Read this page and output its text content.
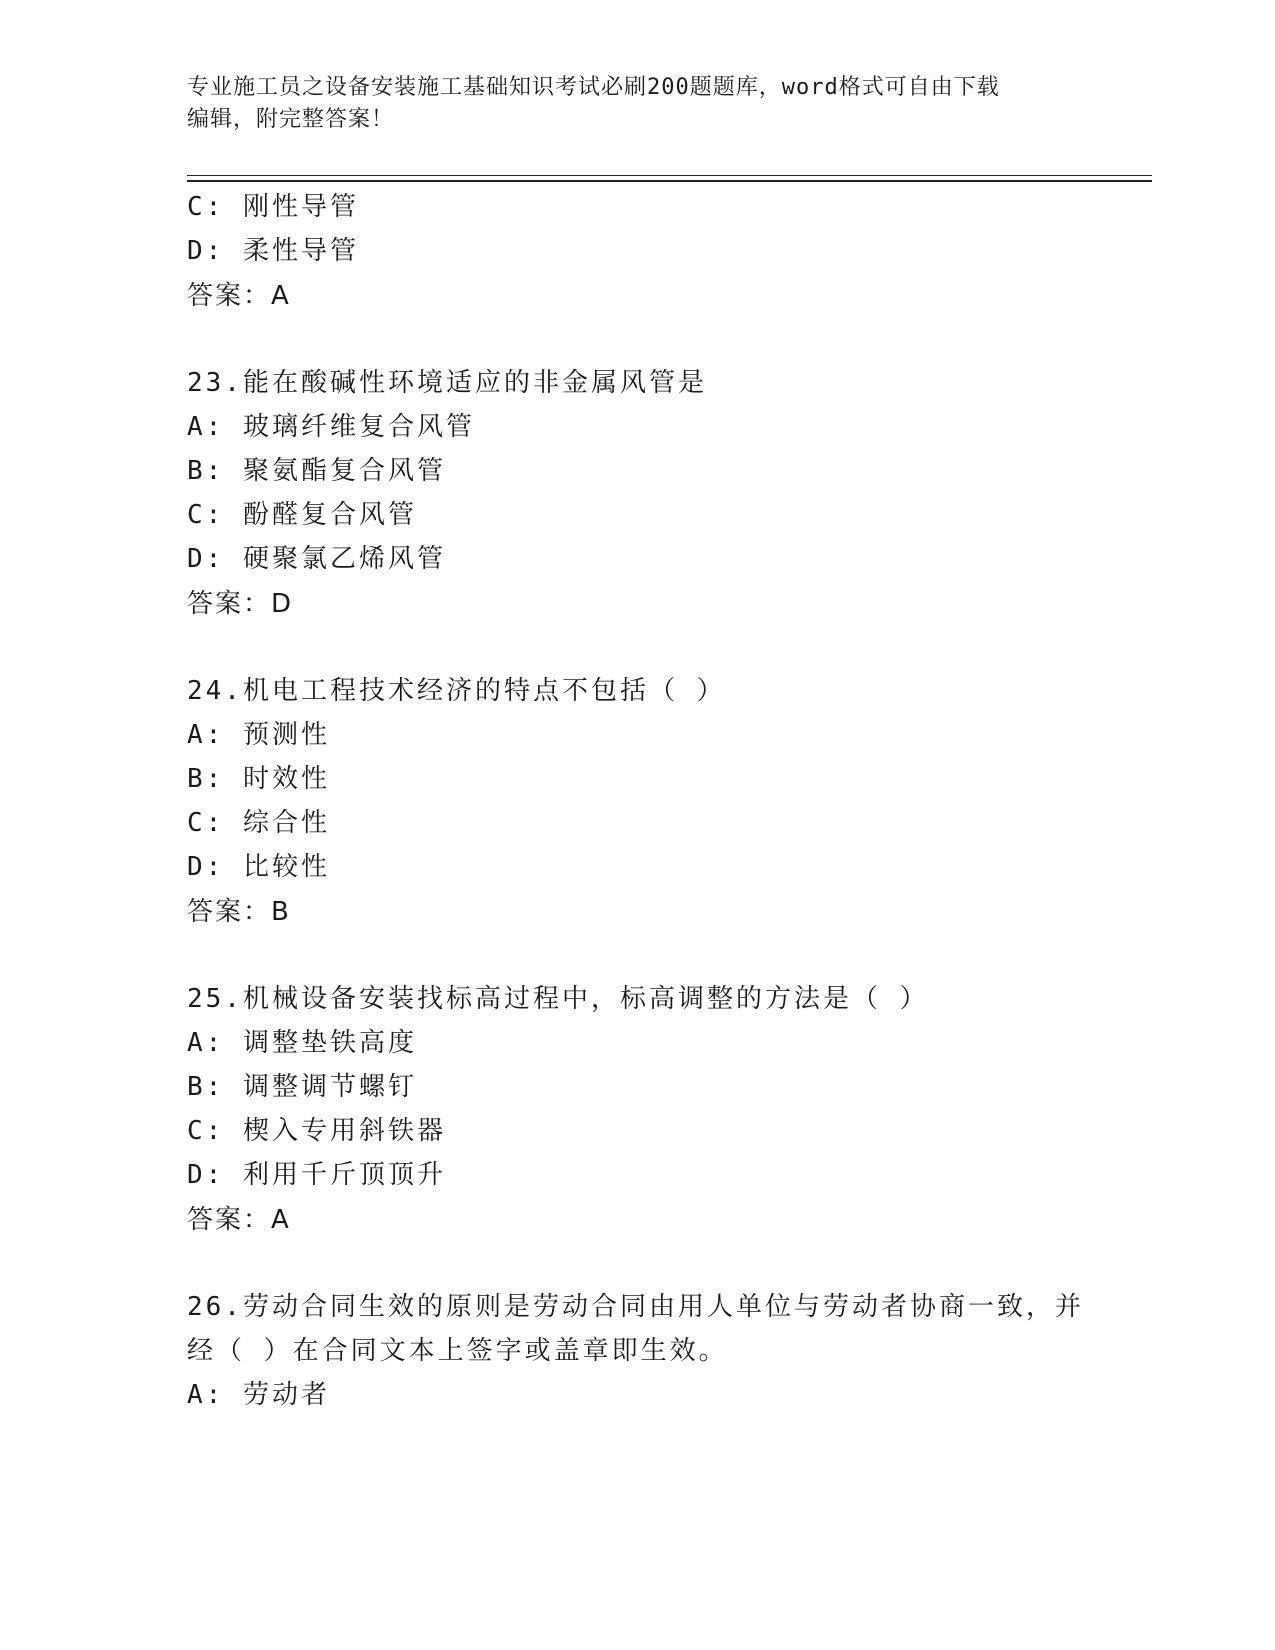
专业施工员之设备安装施工基础知识考试必刷200题题库，word格式可自由下载
编辑，附完整答案！
C: 刚性导管
D: 柔性导管
答案：A
23.能在酸碱性环境适应的非金属风管是
A: 玻璃纤维复合风管
B: 聚氨酯复合风管
C: 酚醛复合风管
D: 硬聚氯乙烯风管
答案：D
24.机电工程技术经济的特点不包括（ ）
A: 预测性
B: 时效性
C: 综合性
D: 比较性
答案：B
25.机械设备安装找标高过程中，标高调整的方法是（ ）
A: 调整垫铁高度
B: 调整调节螺钉
C: 楔入专用斜铁器
D: 利用千斤顶顶升
答案：A
26.劳动合同生效的原则是劳动合同由用人单位与劳动者协商一致，并
经（ ）在合同文本上签字或盖章即生效。
A: 劳动者
